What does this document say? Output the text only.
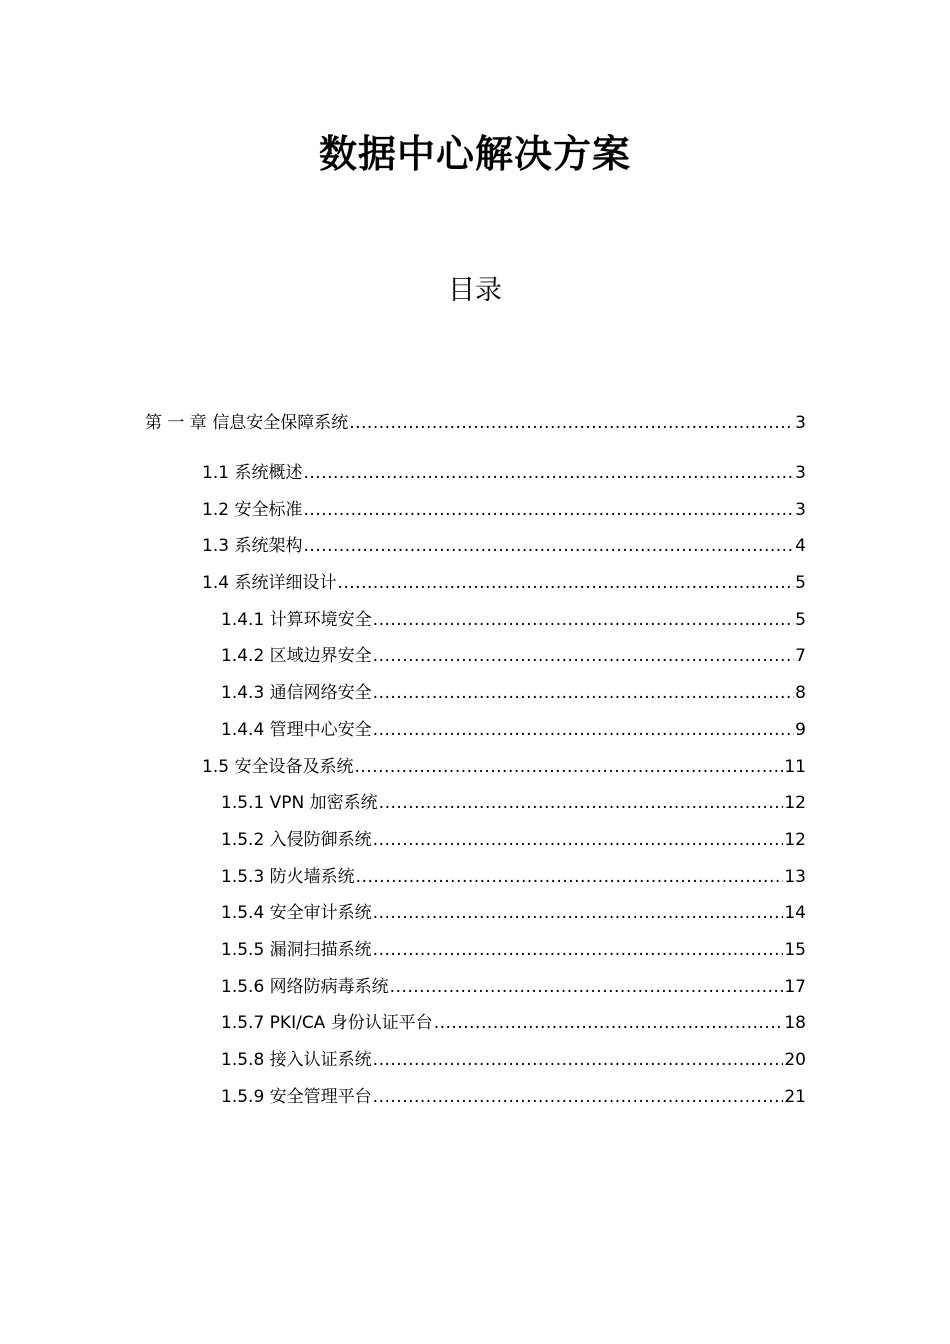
数据中心解决方案
目录
第 一 章 信息安全保障系统 .....	3
1.1 系统概述 .....	3
1.2 安全标准 .....	3
1.3 系统架构 .....	4
1.4 系统详细设计 .....	5
1.4.1 计算环境安全 .....	5
1.4.2 区域边界安全 .....	7
1.4.3 通信网络安全 .....	8
1.4.4 管理中心安全 .....	9
1.5 安全设备及系统 .....	11
1.5.1 VPN 加密系统 .....	12
1.5.2 入侵防御系统 .....	12
1.5.3 防火墙系统 .....	13
1.5.4 安全审计系统 .....	14
1.5.5 漏洞扫描系统 .....	15
1.5.6 网络防病毒系统 .....	17
1.5.7 PKI/CA 身份认证平台 .....	18
1.5.8 接入认证系统 .....	20
1.5.9 安全管理平台 .....	21
